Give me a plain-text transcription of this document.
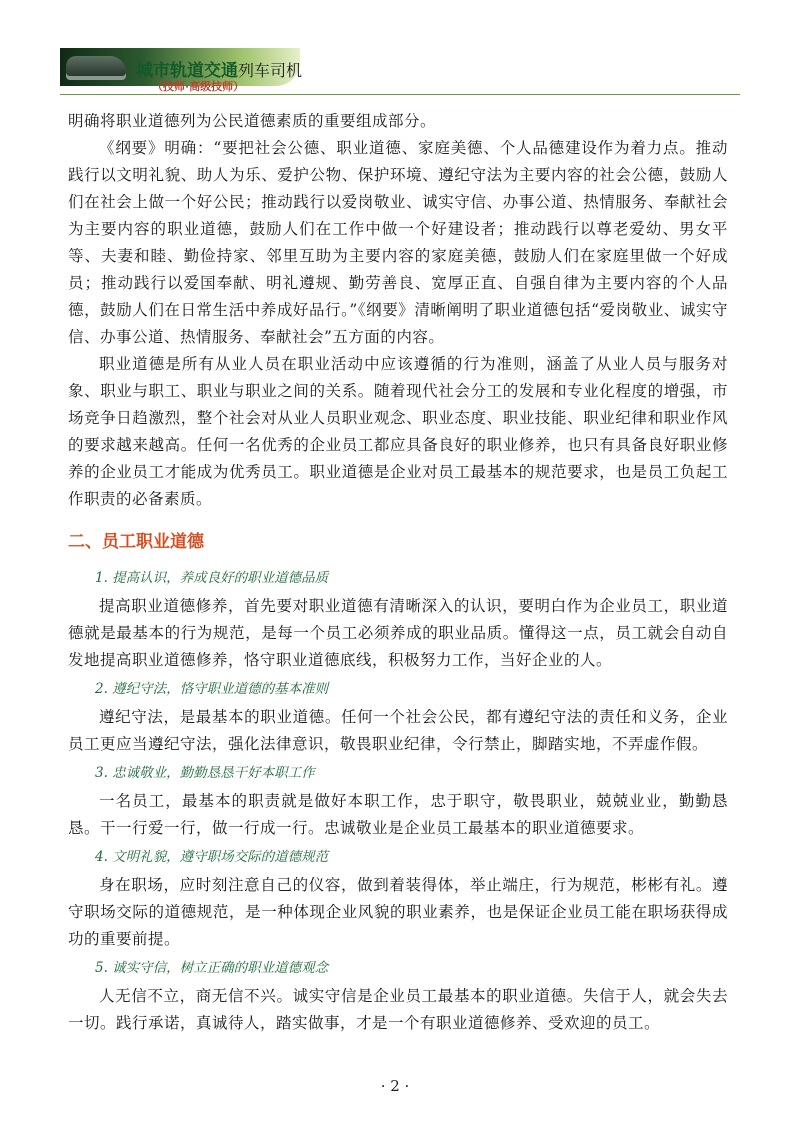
城市轨道交通列车司机
（技师·高级技师）

明确将职业道德列为公民道德素质的重要组成部分。

《纲要》明确：“要把社会公德、职业道德、家庭美德、个人品德建设作为着力点。推动践行以文明礼貌、助人为乐、爱护公物、保护环境、遵纪守法为主要内容的社会公德，鼓励人们在社会上做一个好公民；推动践行以爱岗敬业、诚实守信、办事公道、热情服务、奉献社会为主要内容的职业道德，鼓励人们在工作中做一个好建设者；推动践行以尊老爱幼、男女平等、夫妻和睦、勤俭持家、邻里互助为主要内容的家庭美德，鼓励人们在家庭里做一个好成员；推动践行以爱国奉献、明礼遵规、勤劳善良、宽厚正直、自强自律为主要内容的个人品德，鼓励人们在日常生活中养成好品行。”《纲要》清晰阐明了职业道德包括“爱岗敬业、诚实守信、办事公道、热情服务、奉献社会”五方面的内容。

职业道德是所有从业人员在职业活动中应该遵循的行为准则，涵盖了从业人员与服务对象、职业与职工、职业与职业之间的关系。随着现代社会分工的发展和专业化程度的增强，市场竞争日趋激烈，整个社会对从业人员职业观念、职业态度、职业技能、职业纪律和职业作风的要求越来越高。任何一名优秀的企业员工都应具备良好的职业修养，也只有具备良好职业修养的企业员工才能成为优秀员工。职业道德是企业对员工最基本的规范要求，也是员工负起工作职责的必备素质。

二、员工职业道德
1. 提高认识，养成良好的职业道德品质

提高职业道德修养，首先要对职业道德有清晰深入的认识，要明白作为企业员工，职业道德就是最基本的行为规范，是每一个员工必须养成的职业品质。懂得这一点，员工就会自动自发地提高职业道德修养，恪守职业道德底线，积极努力工作，当好企业的人。

2. 遵纪守法，恪守职业道德的基本准则

遵纪守法，是最基本的职业道德。任何一个社会公民，都有遵纪守法的责任和义务，企业员工更应当遵纪守法，强化法律意识，敬畏职业纪律，令行禁止，脚踏实地，不弄虚作假。

3. 忠诚敬业，勤勤恳恳干好本职工作

一名员工，最基本的职责就是做好本职工作，忠于职守，敬畏职业，兢兢业业，勤勤恳恳。干一行爱一行，做一行成一行。忠诚敬业是企业员工最基本的职业道德要求。

4. 文明礼貌，遵守职场交际的道德规范

身在职场，应时刻注意自己的仪容，做到着装得体，举止端庄，行为规范，彬彬有礼。遵守职场交际的道德规范，是一种体现企业风貌的职业素养，也是保证企业员工能在职场获得成功的重要前提。

5. 诚实守信，树立正确的职业道德观念

人无信不立，商无信不兴。诚实守信是企业员工最基本的职业道德。失信于人，就会失去一切。践行承诺，真诚待人，踏实做事，才是一个有职业道德修养、受欢迎的员工。

· 2 ·
